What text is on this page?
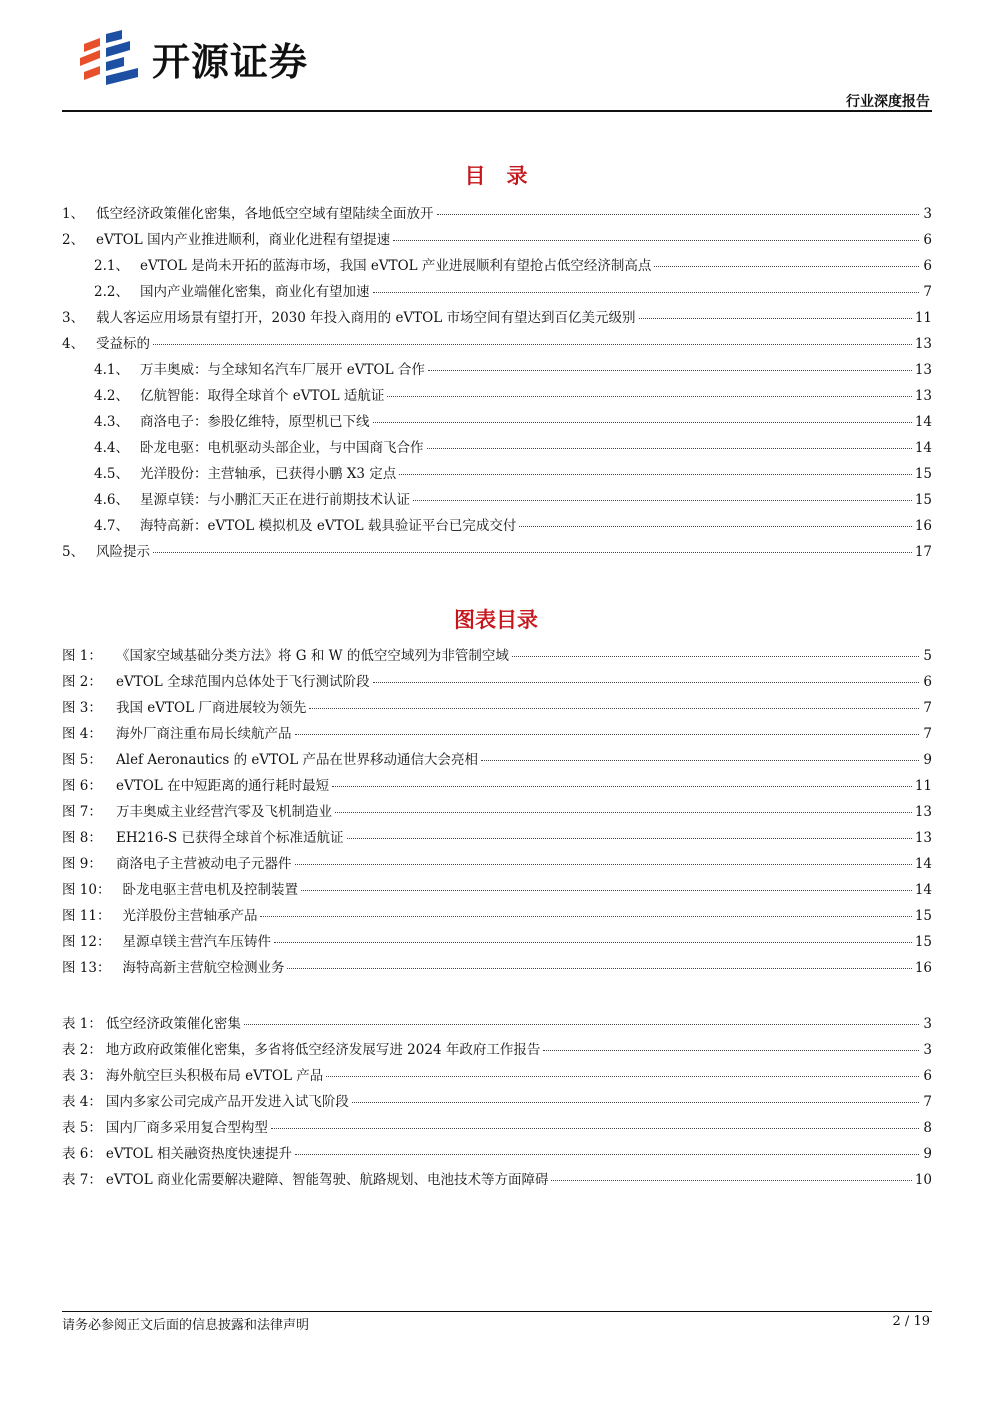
开源证券
行业深度报告
目　录
1、 低空经济政策催化密集，各地低空空域有望陆续全面放开	3
2、 eVTOL 国内产业推进顺利，商业化进程有望提速	6
2.1、 eVTOL 是尚未开拓的蓝海市场，我国 eVTOL 产业进展顺利有望抢占低空经济制高点	6
2.2、 国内产业端催化密集，商业化有望加速	7
3、 载人客运应用场景有望打开，2030 年投入商用的 eVTOL 市场空间有望达到百亿美元级别	11
4、 受益标的	13
4.1、 万丰奥威：与全球知名汽车厂展开 eVTOL 合作	13
4.2、 亿航智能：取得全球首个 eVTOL 适航证	13
4.3、 商洛电子：参股亿维特，原型机已下线	14
4.4、 卧龙电驱：电机驱动头部企业，与中国商飞合作	14
4.5、 光洋股份：主营轴承，已获得小鹏 X3 定点	15
4.6、 星源卓镁：与小鹏汇天正在进行前期技术认证	15
4.7、 海特高新：eVTOL 模拟机及 eVTOL 载具验证平台已完成交付	16
5、 风险提示	17
图表目录
图 1：	《国家空域基础分类方法》将 G 和 W 的低空空域列为非管制空域	5
图 2：	eVTOL 全球范围内总体处于飞行测试阶段	6
图 3：	我国 eVTOL 厂商进展较为领先	7
图 4：	海外厂商注重布局长续航产品	7
图 5：	Alef Aeronautics 的 eVTOL 产品在世界移动通信大会亮相	9
图 6：	eVTOL 在中短距离的通行耗时最短	11
图 7：	万丰奥威主业经营汽零及飞机制造业	13
图 8：	EH216-S 已获得全球首个标准适航证	13
图 9：	商洛电子主营被动电子元器件	14
图 10： 卧龙电驱主营电机及控制装置	14
图 11： 光洋股份主营轴承产品	15
图 12： 星源卓镁主营汽车压铸件	15
图 13： 海特高新主营航空检测业务	16
表 1： 低空经济政策催化密集	3
表 2： 地方政府政策催化密集，多省将低空经济发展写进 2024 年政府工作报告	3
表 3： 海外航空巨头积极布局 eVTOL 产品	6
表 4： 国内多家公司完成产品开发进入试飞阶段	7
表 5： 国内厂商多采用复合型构型	8
表 6： eVTOL 相关融资热度快速提升	9
表 7： eVTOL 商业化需要解决避障、智能驾驶、航路规划、电池技术等方面障碍	10
请务必参阅正文后面的信息披露和法律声明	2 / 19
